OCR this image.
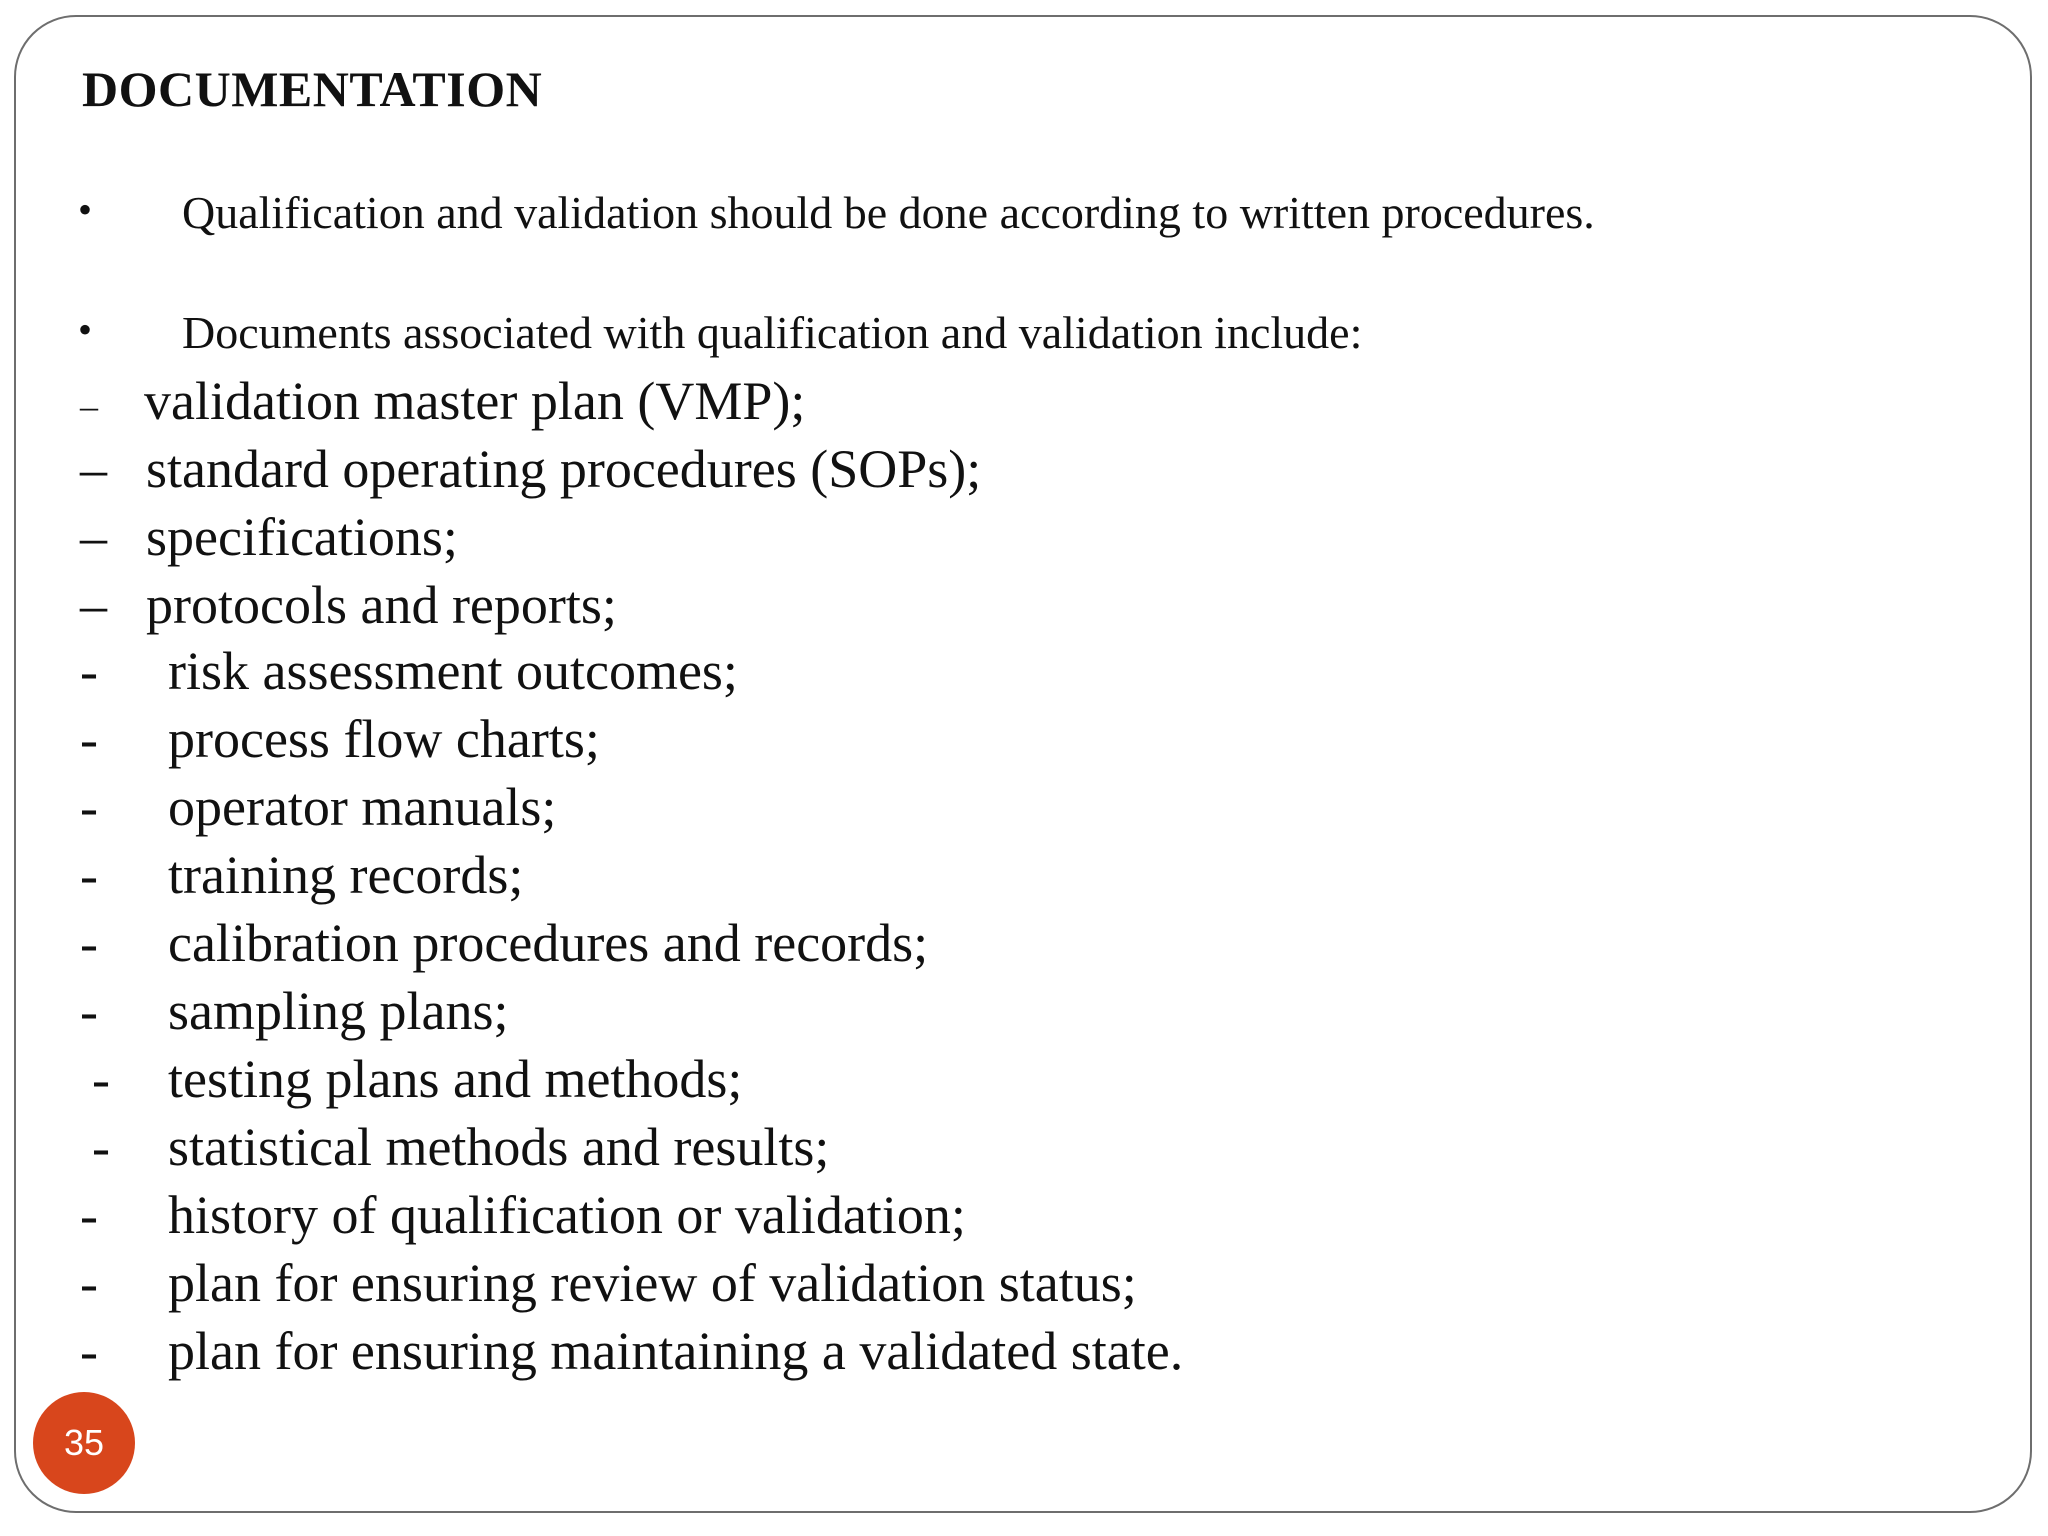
DOCUMENTATION
• Qualification and validation should be done according to written procedures.
• Documents associated with qualification and validation include:
– validation master plan (VMP);
– standard operating procedures (SOPs);
– specifications;
– protocols and reports;
- risk assessment outcomes;
- process flow charts;
- operator manuals;
- training records;
- calibration procedures and records;
- sampling plans;
- testing plans and methods;
- statistical methods and results;
- history of qualification or validation;
- plan for ensuring review of validation status;
- plan for ensuring maintaining a validated state.
35
